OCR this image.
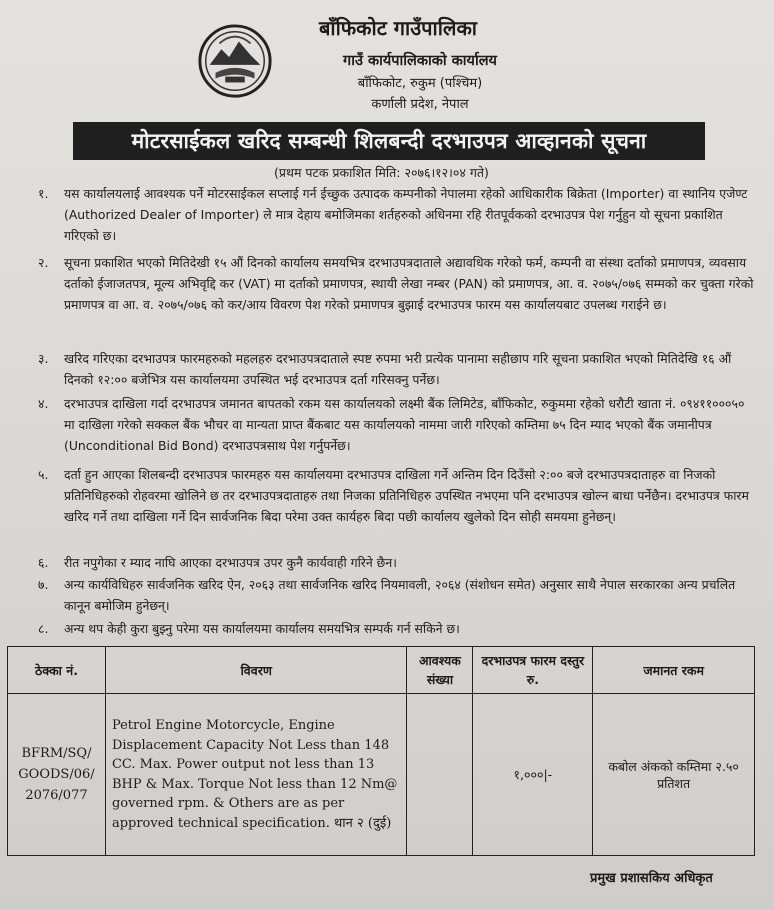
बाँफिकोट गाउँपालिका
गाउँ कार्यपालिकाको कार्यालय
बाँफिकोट, रुकुम (पश्चिम)
कर्णाली प्रदेश, नेपाल
मोटरसाईकल खरिद सम्बन्धी शिलबन्दी दरभाउपत्र आव्हानको सूचना
(प्रथम पटक प्रकाशित मिति: २०७६।१२।०४ गते)
१. यस कार्यालयलाई आवश्यक पर्ने मोटरसाईकल सप्लाई गर्न ईच्छुक उत्पादक कम्पनीको नेपालमा रहेको आधिकारीक बिक्रेता (Importer) वा स्थानिय एजेण्ट (Authorized Dealer of Importer) ले मात्र देहाय बमोजिमका शर्तहरुको अधिनमा रहि रीतपूर्वकको दरभाउपत्र पेश गर्नुहुन यो सूचना प्रकाशित गरिएको छ।
२. सूचना प्रकाशित भएको मितिदेखी १५ औं दिनको कार्यालय समयभित्र दरभाउपत्रदाताले अद्यावधिक गरेको फर्म, कम्पनी वा संस्था दर्ताको प्रमाणपत्र, व्यवसाय दर्ताको ईजाजतपत्र, मूल्य अभिवृद्दि कर (VAT) मा दर्ताको प्रमाणपत्र, स्थायी लेखा नम्बर (PAN) को प्रमाणपत्र, आ. व. २०७५/०७६ सम्मको कर चुक्ता गरेको प्रमाणपत्र वा आ. व. २०७५/०७६ को कर/आय विवरण पेश गरेको प्रमाणपत्र बुझाई दरभाउपत्र फारम यस कार्यालयबाट उपलब्ध गराईने छ।
३. खरिद गरिएका दरभाउपत्र फारमहरुको महलहरु दरभाउपत्रदाताले स्पष्ट रुपमा भरी प्रत्येक पानामा सहीछाप गरि सूचना प्रकाशित भएको मितिदेखि १६ औं दिनको १२:०० बजेभित्र यस कार्यालयमा उपस्थित भई दरभाउपत्र दर्ता गरिसक्नु पर्नेछ।
४. दरभाउपत्र दाखिला गर्दा दरभाउपत्र जमानत बापतको रकम यस कार्यालयको लक्ष्मी बैंक लिमिटेड, बाँफिकोट, रुकुममा रहेको धरौटी खाता नं. ०९४११०००५० मा दाखिला गरेको सक्कल बैंक भौचर वा मान्यता प्राप्त बैंकबाट यस कार्यालयको नाममा जारी गरिएको कम्तिमा ७५ दिन म्याद भएको बैंक जमानीपत्र (Unconditional Bid Bond) दरभाउपत्रसाथ पेश गर्नुपर्नेछ।
५. दर्ता हुन आएका शिलबन्दी दरभाउपत्र फारमहरु यस कार्यालयमा दरभाउपत्र दाखिला गर्ने अन्तिम दिन दिउँसो २:०० बजे दरभाउपत्रदाताहरु वा निजको प्रतिनिधिहरुको रोहवरमा खोलिने छ तर दरभाउपत्रदाताहरु तथा निजका प्रतिनिधिहरु उपस्थित नभएमा पनि दरभाउपत्र खोल्न बाधा पर्नेछैन। दरभाउपत्र फारम खरिद गर्ने तथा दाखिला गर्ने दिन सार्वजनिक बिदा परेमा उक्त कार्यहरु बिदा पछी कार्यालय खुलेको दिन सोही समयमा हुनेछन्।
६. रीत नपुगेका र म्याद नाघि आएका दरभाउपत्र उपर कुनै कार्यवाही गरिने छैन।
७. अन्य कार्यविधिहरु सार्वजनिक खरिद ऐन, २०६३ तथा सार्वजनिक खरिद नियमावली, २०६४ (संशोधन समेत) अनुसार साथै नेपाल सरकारका अन्य प्रचलित कानून बमोजिम हुनेछन्।
८. अन्य थप केही कुरा बुझ्नु परेमा यस कार्यालयमा कार्यालय समयभित्र सम्पर्क गर्न सकिने छ।
ठेक्का नं.	विवरण	आवश्यक संख्या	दरभाउपत्र फारम दस्तुर रु.	जमानत रकम
BFRM/SQ/ GOODS/06/ 2076/077	Petrol Engine Motorcycle, Engine Displacement Capacity Not Less than 148 CC. Max. Power output not less than 13 BHP & Max. Torque Not less than 12 Nm@ governed rpm. & Others are as per approved technical specification. थान २ (दुई)		१,०००|-	कबोल अंकको कम्तिमा २.५० प्रतिशत
प्रमुख प्रशासकिय अधिकृत
